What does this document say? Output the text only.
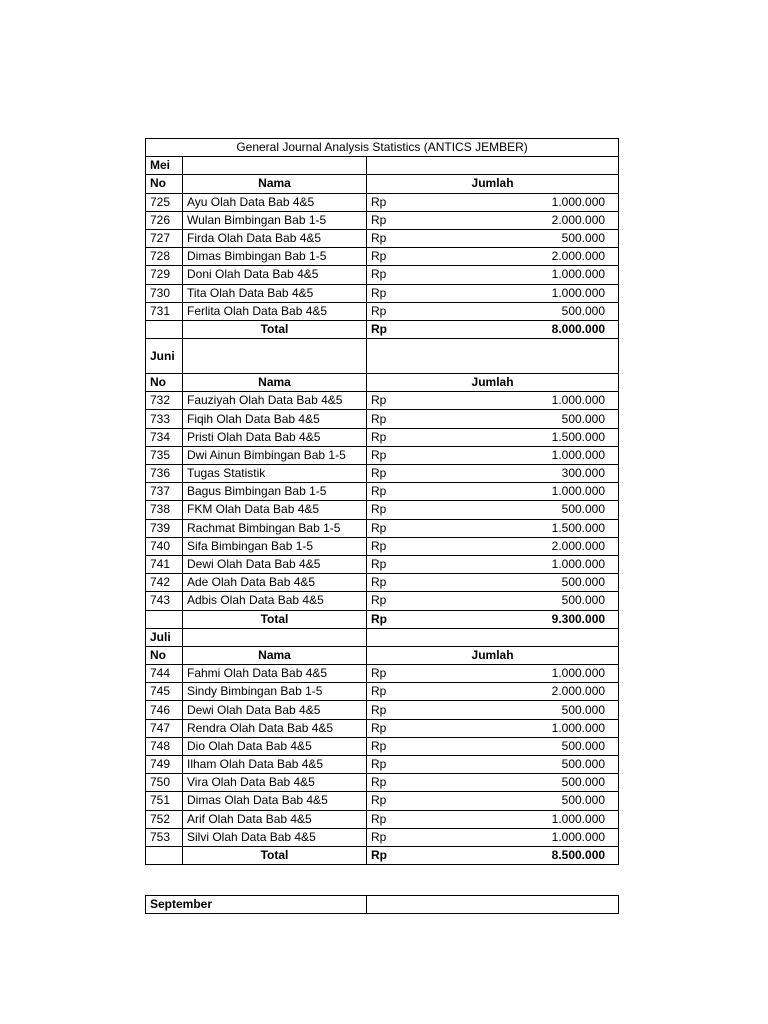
General Journal Analysis Statistics (ANTICS JEMBER)			
Mei			
No	Nama	Jumlah	
725	Ayu Olah Data Bab 4&5	Rp	1.000.000
726	Wulan Bimbingan Bab 1-5	Rp	2.000.000
727	Firda Olah Data Bab 4&5	Rp	500.000
728	Dimas Bimbingan Bab 1-5	Rp	2.000.000
729	Doni Olah Data Bab 4&5	Rp	1.000.000
730	Tita Olah Data Bab 4&5	Rp	1.000.000
731	Ferlita Olah Data Bab 4&5	Rp	500.000
	Total	Rp	8.000.000
Juni			
No	Nama	Jumlah	
732	Fauziyah Olah Data Bab 4&5	Rp	1.000.000
733	Fiqih Olah Data Bab 4&5	Rp	500.000
734	Pristi Olah Data Bab 4&5	Rp	1.500.000
735	Dwi Ainun Bimbingan Bab 1-5	Rp	1.000.000
736	Tugas Statistik	Rp	300.000
737	Bagus Bimbingan Bab 1-5	Rp	1.000.000
738	FKM Olah Data Bab 4&5	Rp	500.000
739	Rachmat Bimbingan Bab 1-5	Rp	1.500.000
740	Sifa Bimbingan Bab 1-5	Rp	2.000.000
741	Dewi Olah Data Bab 4&5	Rp	1.000.000
742	Ade Olah Data Bab 4&5	Rp	500.000
743	Adbis Olah Data Bab 4&5	Rp	500.000
	Total	Rp	9.300.000
Juli			
No	Nama	Jumlah	
744	Fahmi Olah Data Bab 4&5	Rp	1.000.000
745	Sindy Bimbingan Bab 1-5	Rp	2.000.000
746	Dewi Olah Data Bab 4&5	Rp	500.000
747	Rendra Olah Data Bab 4&5	Rp	1.000.000
748	Dio Olah Data Bab 4&5	Rp	500.000
749	Ilham Olah Data Bab 4&5	Rp	500.000
750	Vira Olah Data Bab 4&5	Rp	500.000
751	Dimas Olah Data Bab 4&5	Rp	500.000
752	Arif Olah Data Bab 4&5	Rp	1.000.000
753	Silvi Olah Data Bab 4&5	Rp	1.000.000
	Total	Rp	8.500.000
September	
